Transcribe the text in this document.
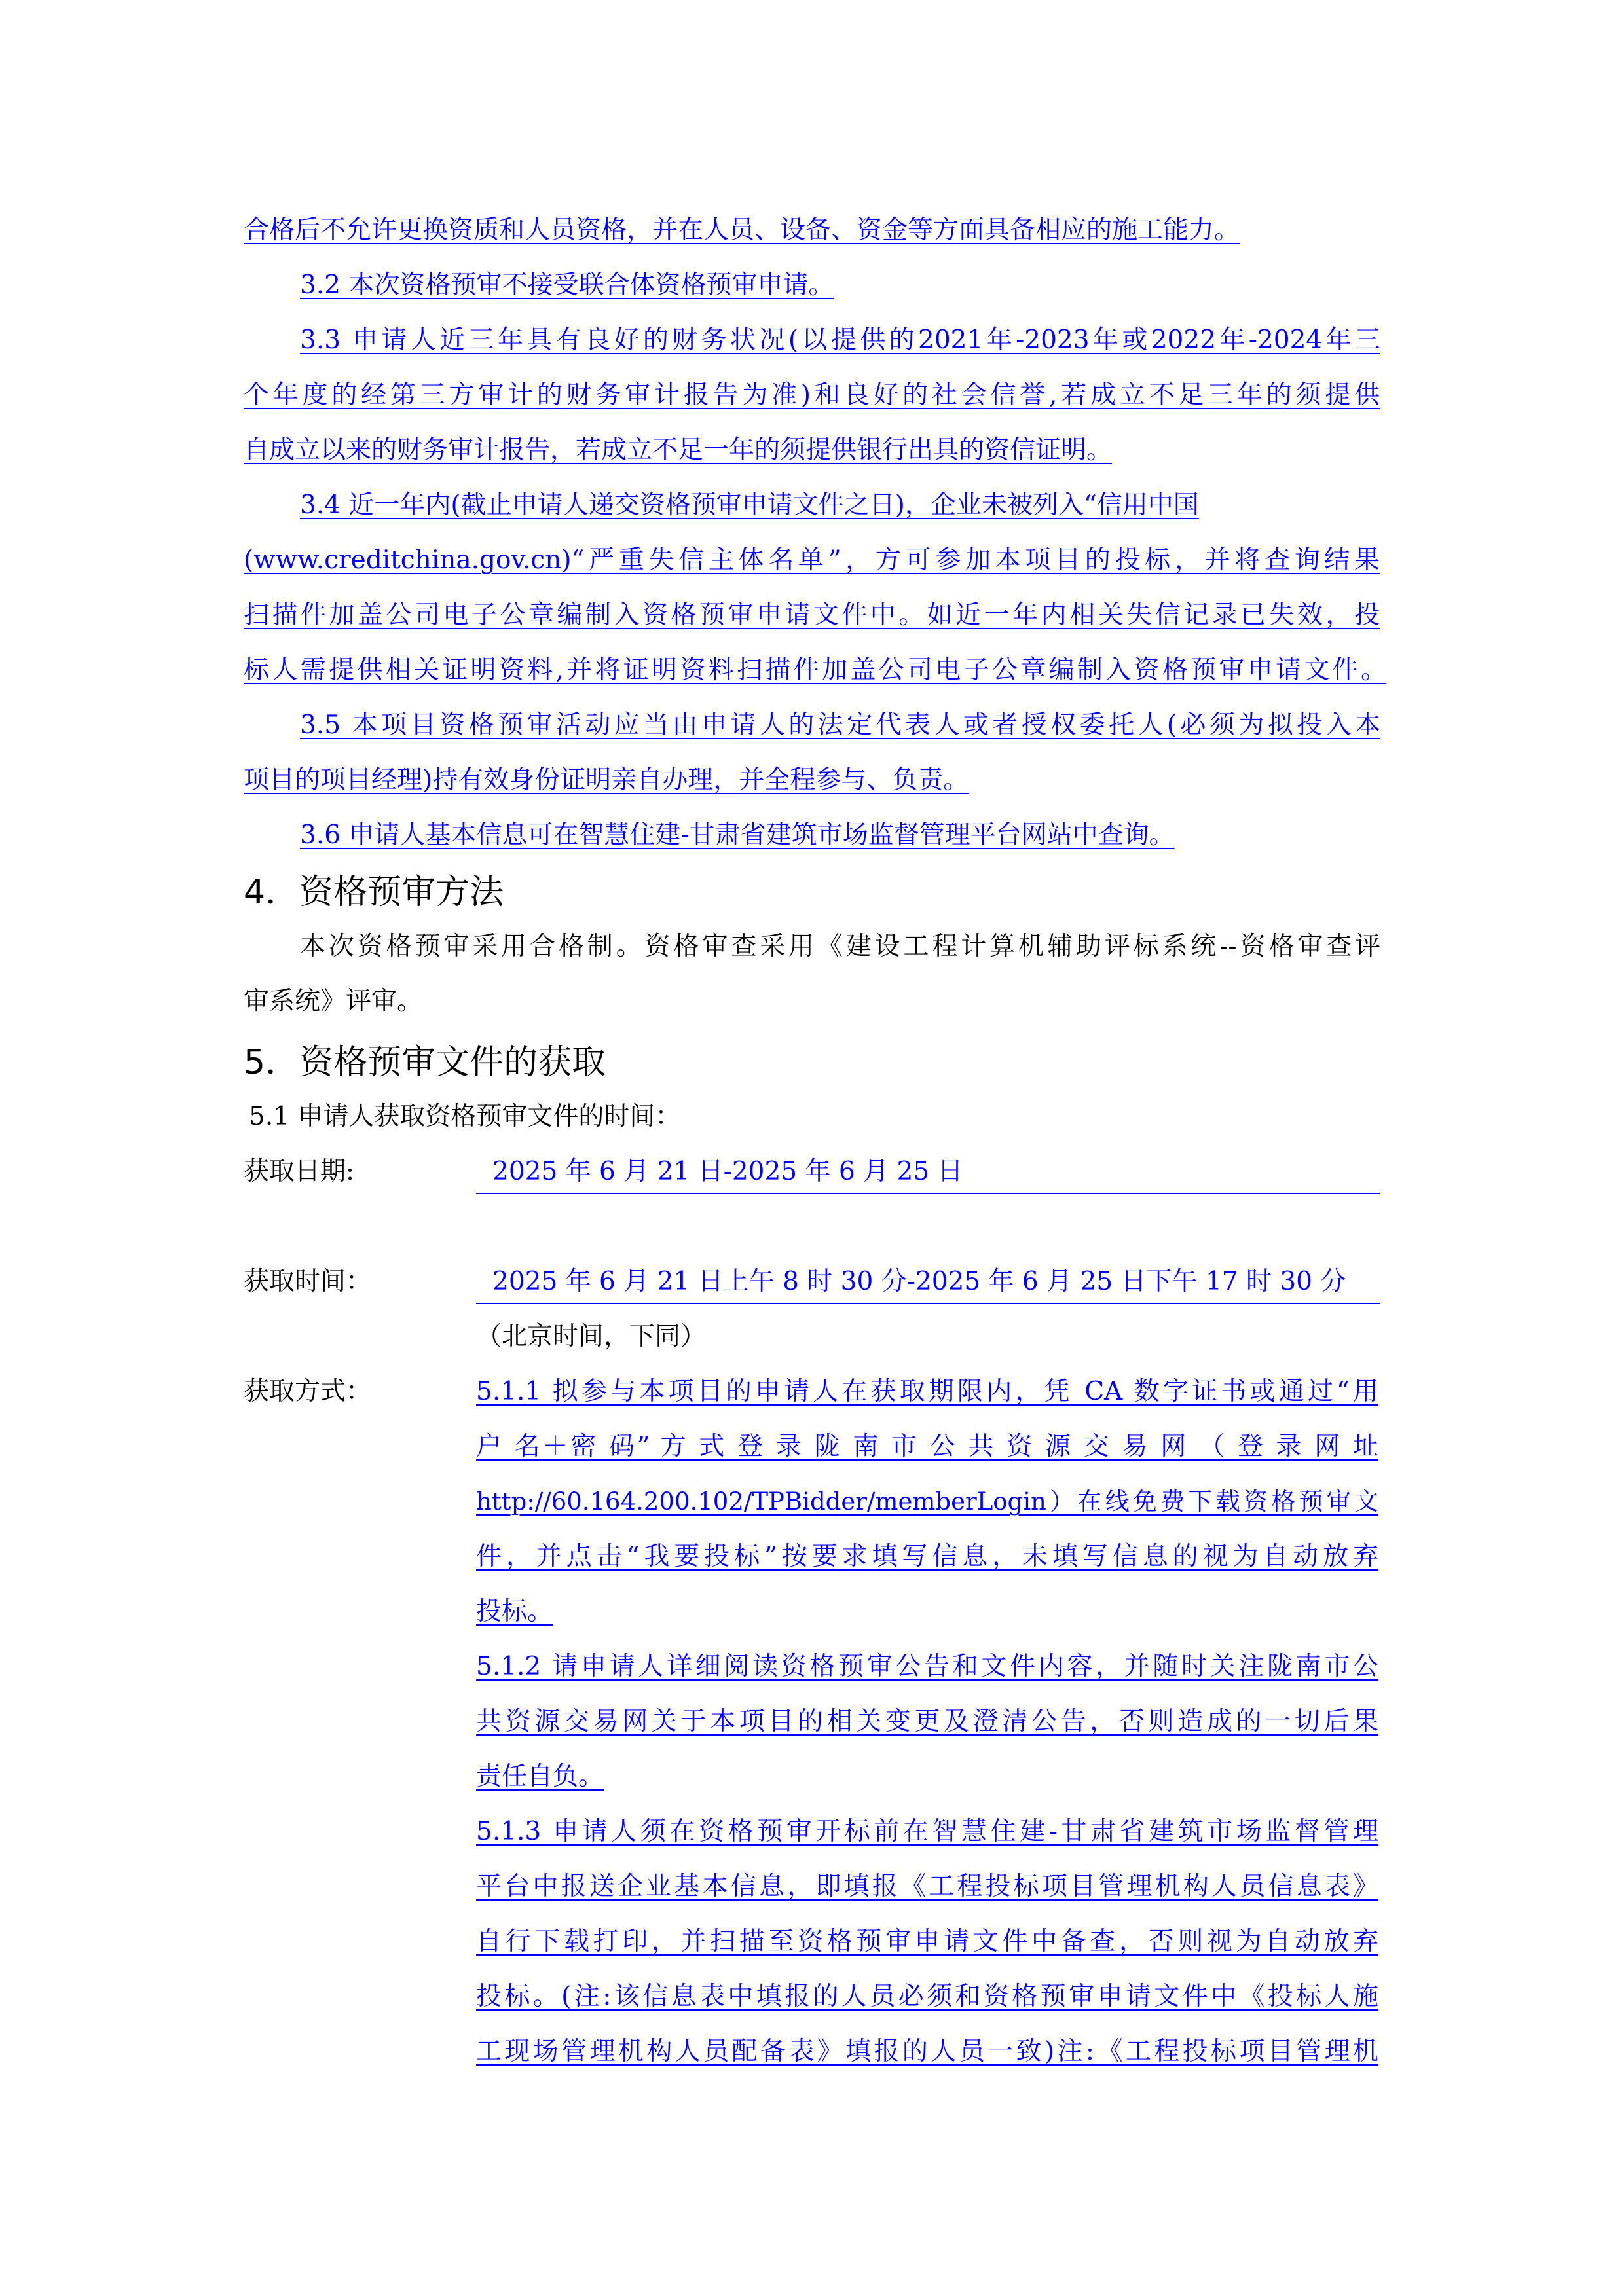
合格后不允许更换资质和人员资格，并在人员、设备、资金等方面具备相应的施工能力。
3.2 本次资格预审不接受联合体资格预审申请。
3.3 申请人近三年具有良好的财务状况(以提供的2021年-2023年或2022年-2024年三
个年度的经第三方审计的财务审计报告为准)和良好的社会信誉,若成立不足三年的须提供
自成立以来的财务审计报告，若成立不足一年的须提供银行出具的资信证明。
3.4 近一年内(截止申请人递交资格预审申请文件之日)，企业未被列入“信用中国
(www.creditchina.gov.cn)“严重失信主体名单”，方可参加本项目的投标，并将查询结果
扫描件加盖公司电子公章编制入资格预审申请文件中。如近一年内相关失信记录已失效，投
标人需提供相关证明资料,并将证明资料扫描件加盖公司电子公章编制入资格预审申请文件。
3.5 本项目资格预审活动应当由申请人的法定代表人或者授权委托人(必须为拟投入本
项目的项目经理)持有效身份证明亲自办理，并全程参与、负责。
3.6 申请人基本信息可在智慧住建-甘肃省建筑市场监督管理平台网站中查询。
4．资格预审方法
本次资格预审采用合格制。资格审查采用《建设工程计算机辅助评标系统--资格审查评
审系统》评审。
5．资格预审文件的获取
5.1 申请人获取资格预审文件的时间：
获取日期:	2025 年 6 月 21 日-2025 年 6 月 25 日
获取时间：	2025 年 6 月 21 日上午 8 时 30 分-2025 年 6 月 25 日下午 17 时 30 分
（北京时间，下同）
获取方式：	5.1.1 拟参与本项目的申请人在获取期限内，凭 CA 数字证书或通过“用
户 名＋密 码” 方 式 登 录 陇 南 市 公 共 资 源 交 易 网 （ 登 录 网 址
http://60.164.200.102/TPBidder/memberLogin）在线免费下载资格预审文
件，并点击“我要投标”按要求填写信息，未填写信息的视为自动放弃
投标。
5.1.2 请申请人详细阅读资格预审公告和文件内容，并随时关注陇南市公
共资源交易网关于本项目的相关变更及澄清公告，否则造成的一切后果
责任自负。
5.1.3 申请人须在资格预审开标前在智慧住建-甘肃省建筑市场监督管理
平台中报送企业基本信息，即填报《工程投标项目管理机构人员信息表》
自行下载打印，并扫描至资格预审申请文件中备查，否则视为自动放弃
投标。(注:该信息表中填报的人员必须和资格预审申请文件中《投标人施
工现场管理机构人员配备表》填报的人员一致)注:《工程投标项目管理机
